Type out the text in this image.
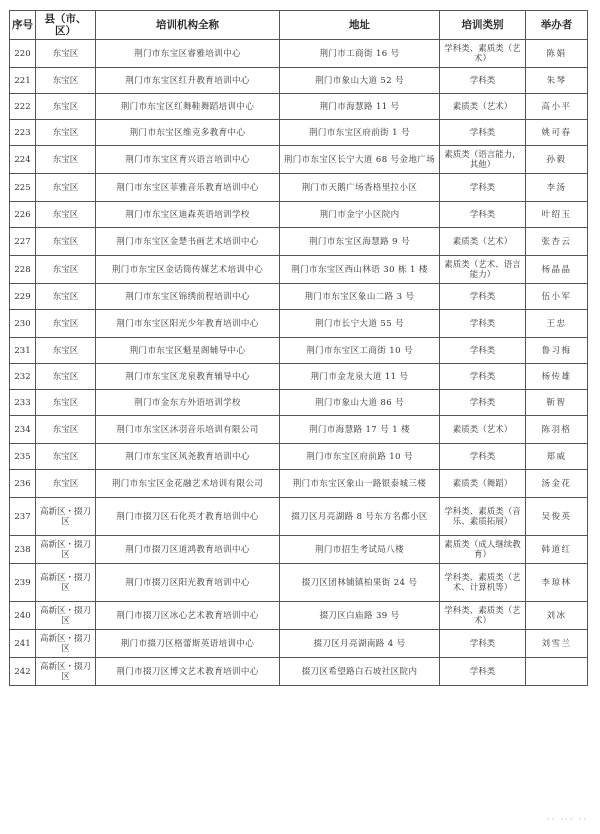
序号	县（市、区）	培训机构全称	地址	培训类别	举办者
220	东宝区	荆门市东宝区睿雅培训中心	荆门市工商街 16 号	学科类、素质类（艺术）	陈娟
221	东宝区	荆门市东宝区红升教育培训中心	荆门市象山大道 52 号	学科类	朱琴
222	东宝区	荆门市东宝区红舞鞋舞蹈培训中心	荆门市海慧路 11 号	素质类（艺术）	高小平
223	东宝区	荆门市东宝区维克多教育中心	荆门市东宝区府前街 1 号	学科类	姚可春
224	东宝区	荆门市东宝区育兴语言培训中心	荆门市东宝区长宁大道 68 号金地广场	素质类（语言能力，其他）	孙毅
225	东宝区	荆门市东宝区菲雅音乐教育培训中心	荆门市天鹅广场香格里拉小区	学科类	李汤
226	东宝区	荆门市东宝区迪森英语培训学校	荆门市金宁小区院内	学科类	叶绍玉
227	东宝区	荆门市东宝区金楚书画艺术培训中心	荆门市东宝区海慧路 9 号	素质类（艺术）	张杏云
228	东宝区	荆门市东宝区金话筒传媒艺术培训中心	荆门市东宝区西山林语 30 栋 1 楼	素质类（艺术、语言能力）	杨晶晶
229	东宝区	荆门市东宝区锦绣前程培训中心	荆门市东宝区象山二路 3 号	学科类	伍小军
230	东宝区	荆门市东宝区阳光少年教育培训中心	荆门市长宁大道 55 号	学科类	王忠
231	东宝区	荆门市东宝区魁星阁辅导中心	荆门市东宝区工商街 10 号	学科类	鲁习梅
232	东宝区	荆门市东宝区龙泉教育辅导中心	荆门市金龙泉大道 11 号	学科类	杨传雄
233	东宝区	荆门市金东方外语培训学校	荆门市象山大道 86 号	学科类	靳智
234	东宝区	荆门市东宝区沐羽音乐培训有限公司	荆门市海慧路 17 号 1 楼	素质类（艺术）	陈羽格
235	东宝区	荆门市东宝区风尧教育培训中心	荆门市东宝区府前路 10 号	学科类	郑威
236	东宝区	荆门市东宝区金花融艺术培训有限公司	荆门市东宝区象山一路银泰城三楼	素质类（舞蹈）	汤金花
237	高新区・掇刀区	荆门市掇刀区石化英才教育培训中心	掇刀区月亮湖路 8 号东方名都小区	学科类、素质类（音乐、素质拓展）	吴俊英
238	高新区・掇刀区	荆门市掇刀区道鸿教育培训中心	荆门市招生考试局八楼	素质类（成人继续教育）	韩道红
239	高新区・掇刀区	荆门市掇刀区阳光教育培训中心	掇刀区团林铺镇柏果街 24 号	学科类、素质类（艺术、计算机等）	李琼林
240	高新区・掇刀区	荆门市掇刀区冰心艺术教育培训中心	掇刀区白庙路 39 号	学科类、素质类（艺术）	刘冰
241	高新区・掇刀区	荆门市掇刀区格蕾斯英语培训中心	掇刀区月亮湖南路 4 号	学科类	刘雪兰
242	高新区・掇刀区	荆门市掇刀区博文艺术教育培训中心	掇刀区希望路白石坡社区院内	学科类	
·· ··· ··
